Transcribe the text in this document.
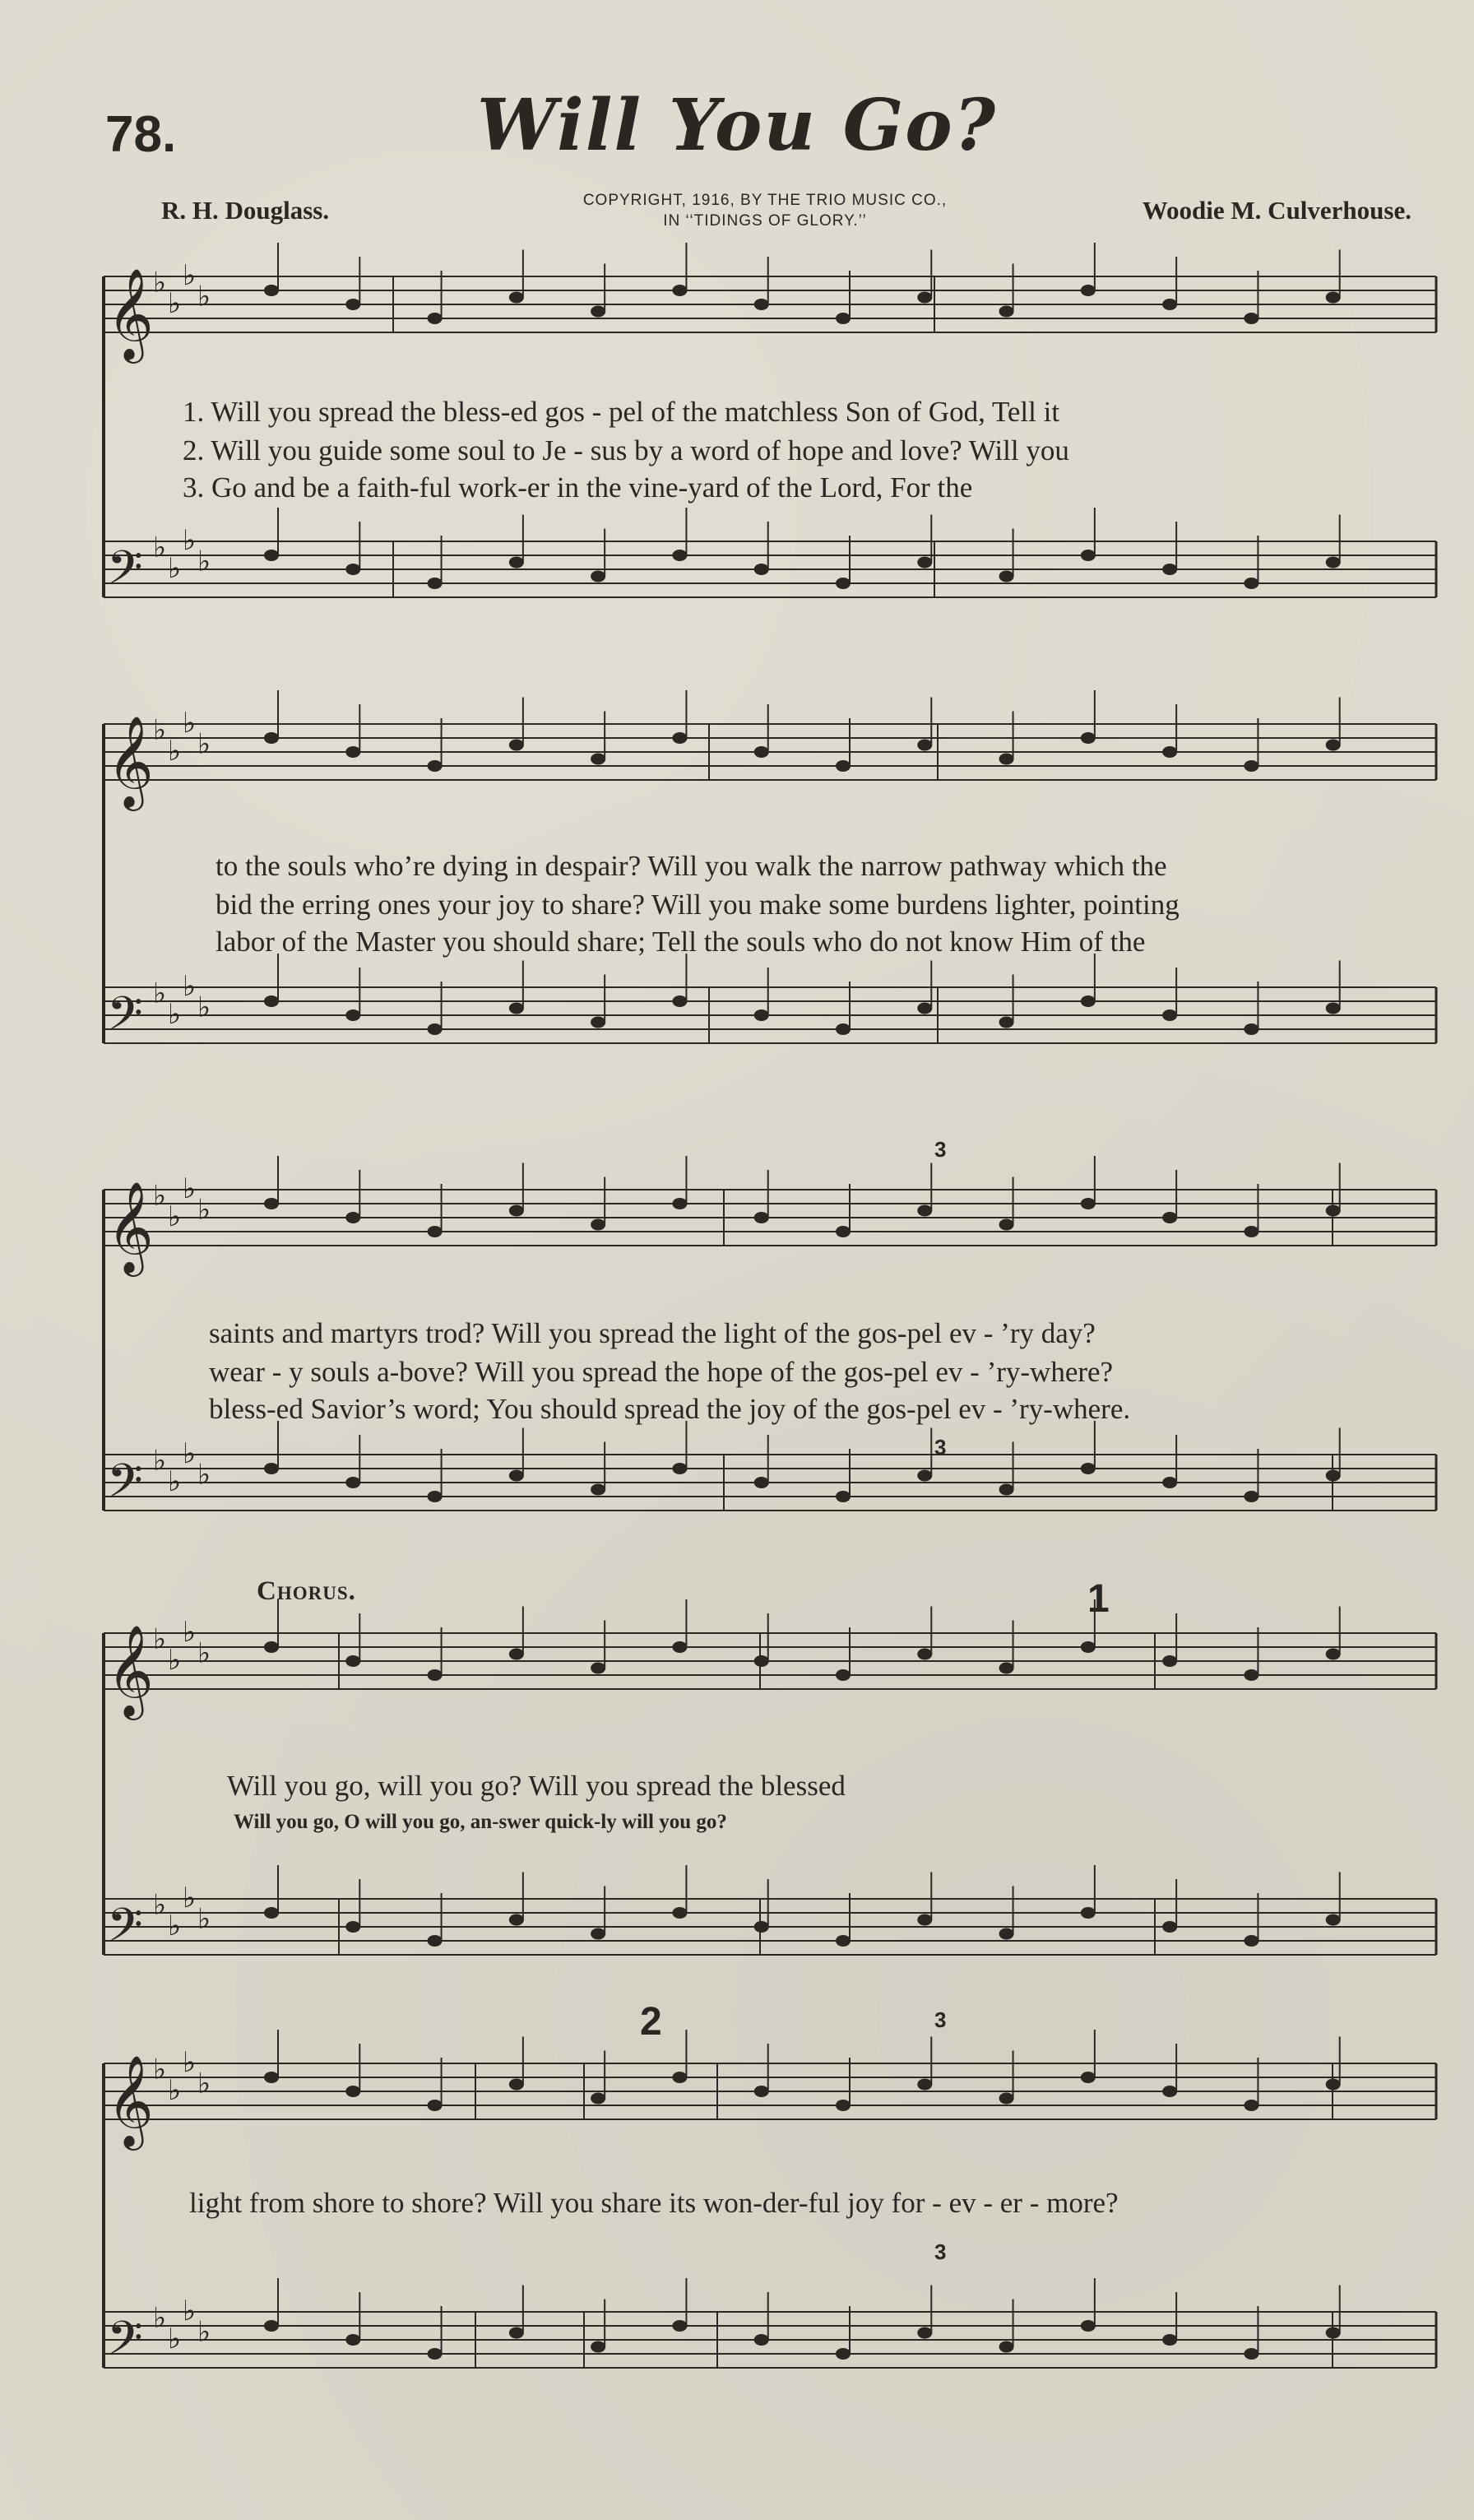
78.	Will You Go?
R. H. Douglass.	COPYRIGHT, 1916, BY THE TRIO MUSIC CO.,
IN ‘‘TIDINGS OF GLORY.’’	Woodie M. Culverhouse.
𝄞 ♭
♭
♭
♭
𝄢 ♭
♭
♭
♭
𝄞 ♭
♭
♭
♭
𝄢 ♭
♭
♭
♭
𝄞 ♭
♭
♭
♭
𝄢 ♭
♭
♭
♭
𝄞 ♭
♭
♭
♭
𝄢 ♭
♭
♭
♭
𝄞 ♭
♭
♭
♭
𝄢 ♭
♭
♭
♭
1. Will you spread the bless-ed gos - pel of the matchless Son of God, Tell it
2. Will you guide some soul to Je - sus by a word of hope and love? Will you
3. Go and be a faith-ful work-er in the vine-yard of the Lord, For the
to the souls who’re dying in despair? Will you walk the narrow pathway which the
bid the erring ones your joy to share? Will you make some burdens lighter, pointing
labor of the Master you should share; Tell the souls who do not know Him of the
saints and martyrs trod? Will you spread the light of the gos-pel ev - ’ry day?
wear - y souls a-bove? Will you spread the hope of the gos-pel ev - ’ry-where?
bless-ed Savior’s word; You should spread the joy of the gos-pel ev - ’ry-where.
Chorus.
Will you go, will you go? Will you spread the blessed
Will you go, O will you go, an-swer quick-ly will you go?
light from shore to shore? Will you share its won-der-ful joy for - ev - er - more?
1
2
3
3
3
3
